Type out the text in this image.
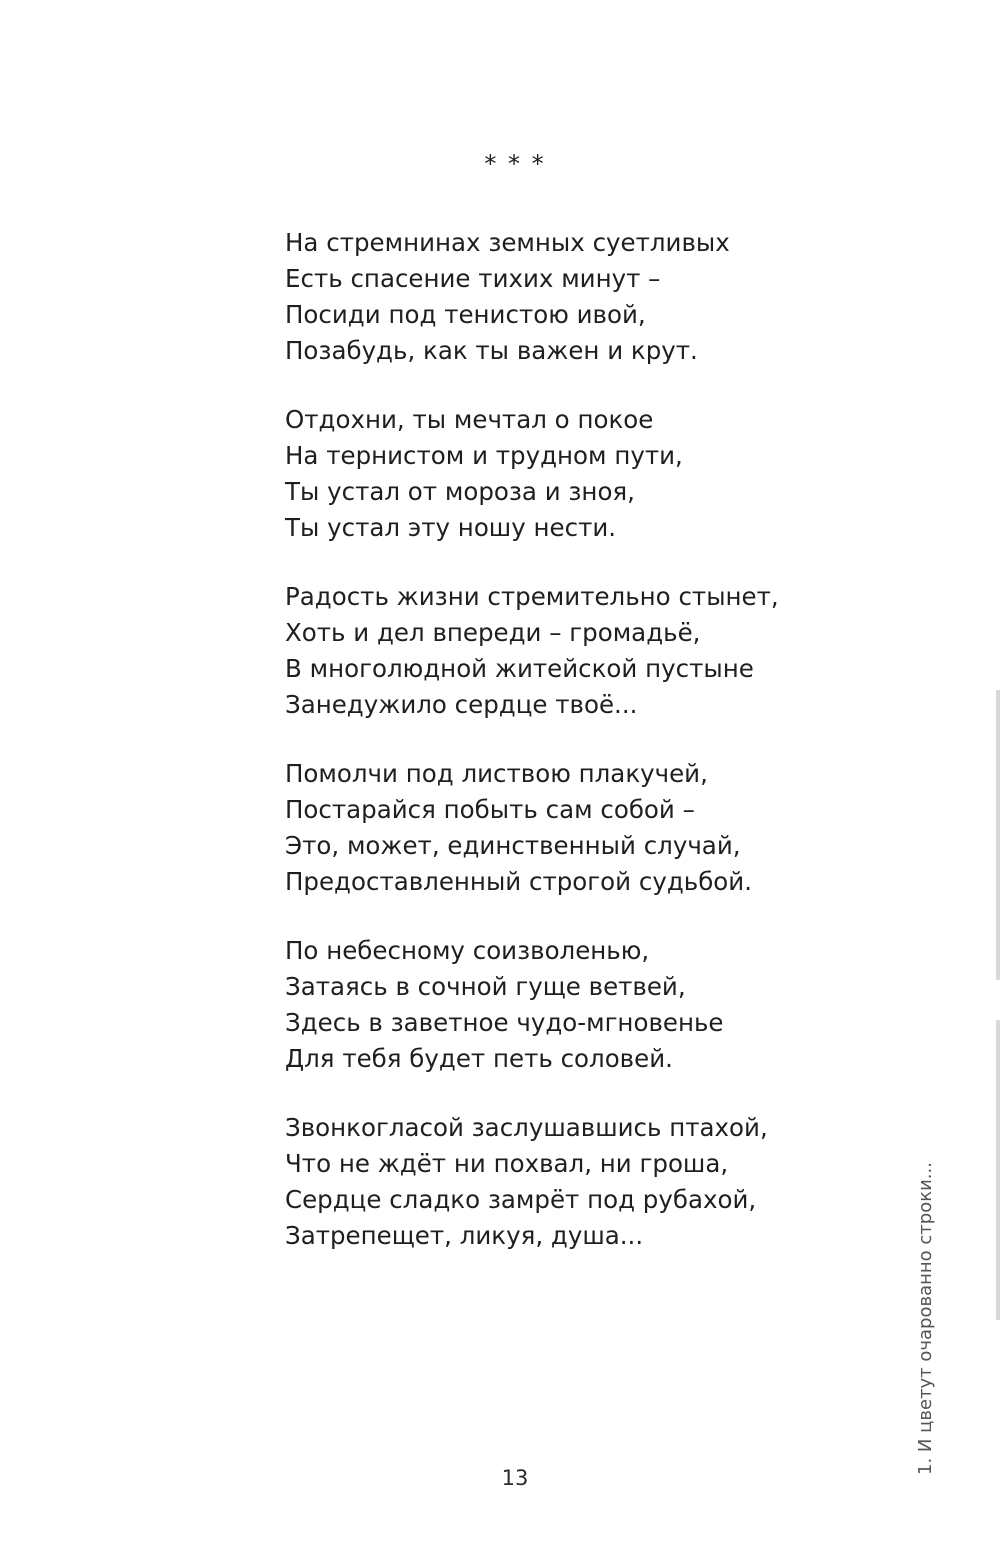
* * *
На стремнинах земных суетливых
Есть спасение тихих минут –
Посиди под тенистою ивой,
Позабудь, как ты важен и крут.
Отдохни, ты мечтал о покое
На тернистом и трудном пути,
Ты устал от мороза и зноя,
Ты устал эту ношу нести.
Радость жизни стремительно стынет,
Хоть и дел впереди – громадьё,
В многолюдной житейской пустыне
Занедужило сердце твоё...
Помолчи под листвою плакучей,
Постарайся побыть сам собой –
Это, может, единственный случай,
Предоставленный строгой судьбой.
По небесному соизволенью,
Затаясь в сочной гуще ветвей,
Здесь в заветное чудо-мгновенье
Для тебя будет петь соловей.
Звонкогласой заслушавшись птахой,
Что не ждёт ни похвал, ни гроша,
Сердце сладко замрёт под рубахой,
Затрепещет, ликуя, душа...
13
1. И цветут очарованно строки...
